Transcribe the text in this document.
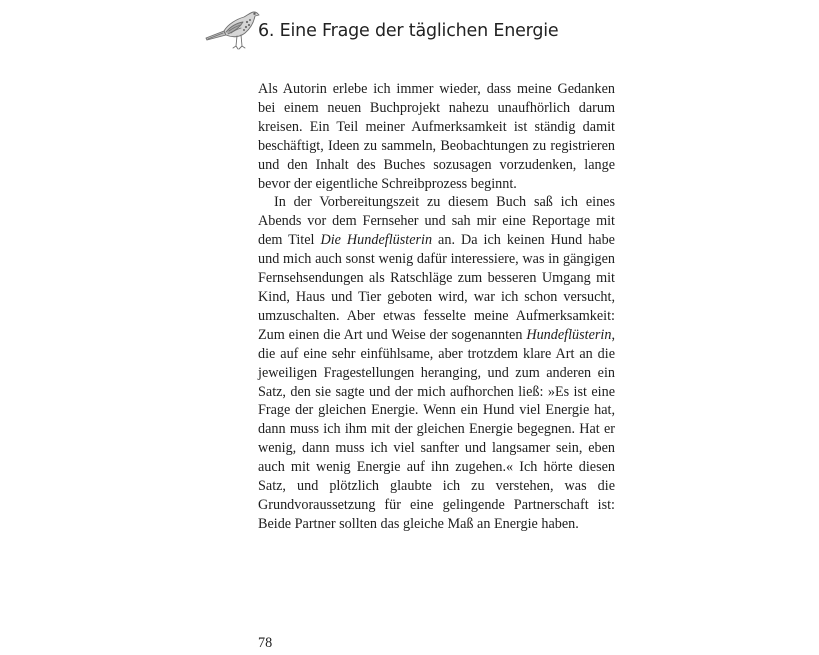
6. Eine Frage der täglichen Energie

Als Autorin erlebe ich immer wieder, dass meine Gedanken bei einem neuen Buchprojekt nahezu unaufhörlich darum kreisen. Ein Teil meiner Aufmerksamkeit ist ständig damit beschäftigt, Ideen zu sammeln, Beobachtungen zu registrieren und den Inhalt des Buches sozusagen vorzudenken, lange bevor der eigentliche Schreibprozess beginnt.

In der Vorbereitungszeit zu diesem Buch saß ich eines Abends vor dem Fernseher und sah mir eine Reportage mit dem Titel Die Hundeflüsterin an. Da ich keinen Hund habe und mich auch sonst wenig dafür interessiere, was in gängigen Fernsehsendungen als Ratschläge zum besseren Umgang mit Kind, Haus und Tier geboten wird, war ich schon versucht, umzuschalten. Aber etwas fesselte meine Aufmerksamkeit: Zum einen die Art und Weise der sogenannten Hundeflüsterin, die auf eine sehr einfühlsame, aber trotzdem klare Art an die jeweiligen Fragestellungen heranging, und zum anderen ein Satz, den sie sagte und der mich aufhorchen ließ: »Es ist eine Frage der gleichen Energie. Wenn ein Hund viel Energie hat, dann muss ich ihm mit der gleichen Energie begegnen. Hat er wenig, dann muss ich viel sanfter und langsamer sein, eben auch mit wenig Energie auf ihn zugehen.« Ich hörte diesen Satz, und plötzlich glaubte ich zu verstehen, was die Grundvoraussetzung für eine gelingende Partnerschaft ist: Beide Partner sollten das gleiche Maß an Energie haben.

78
